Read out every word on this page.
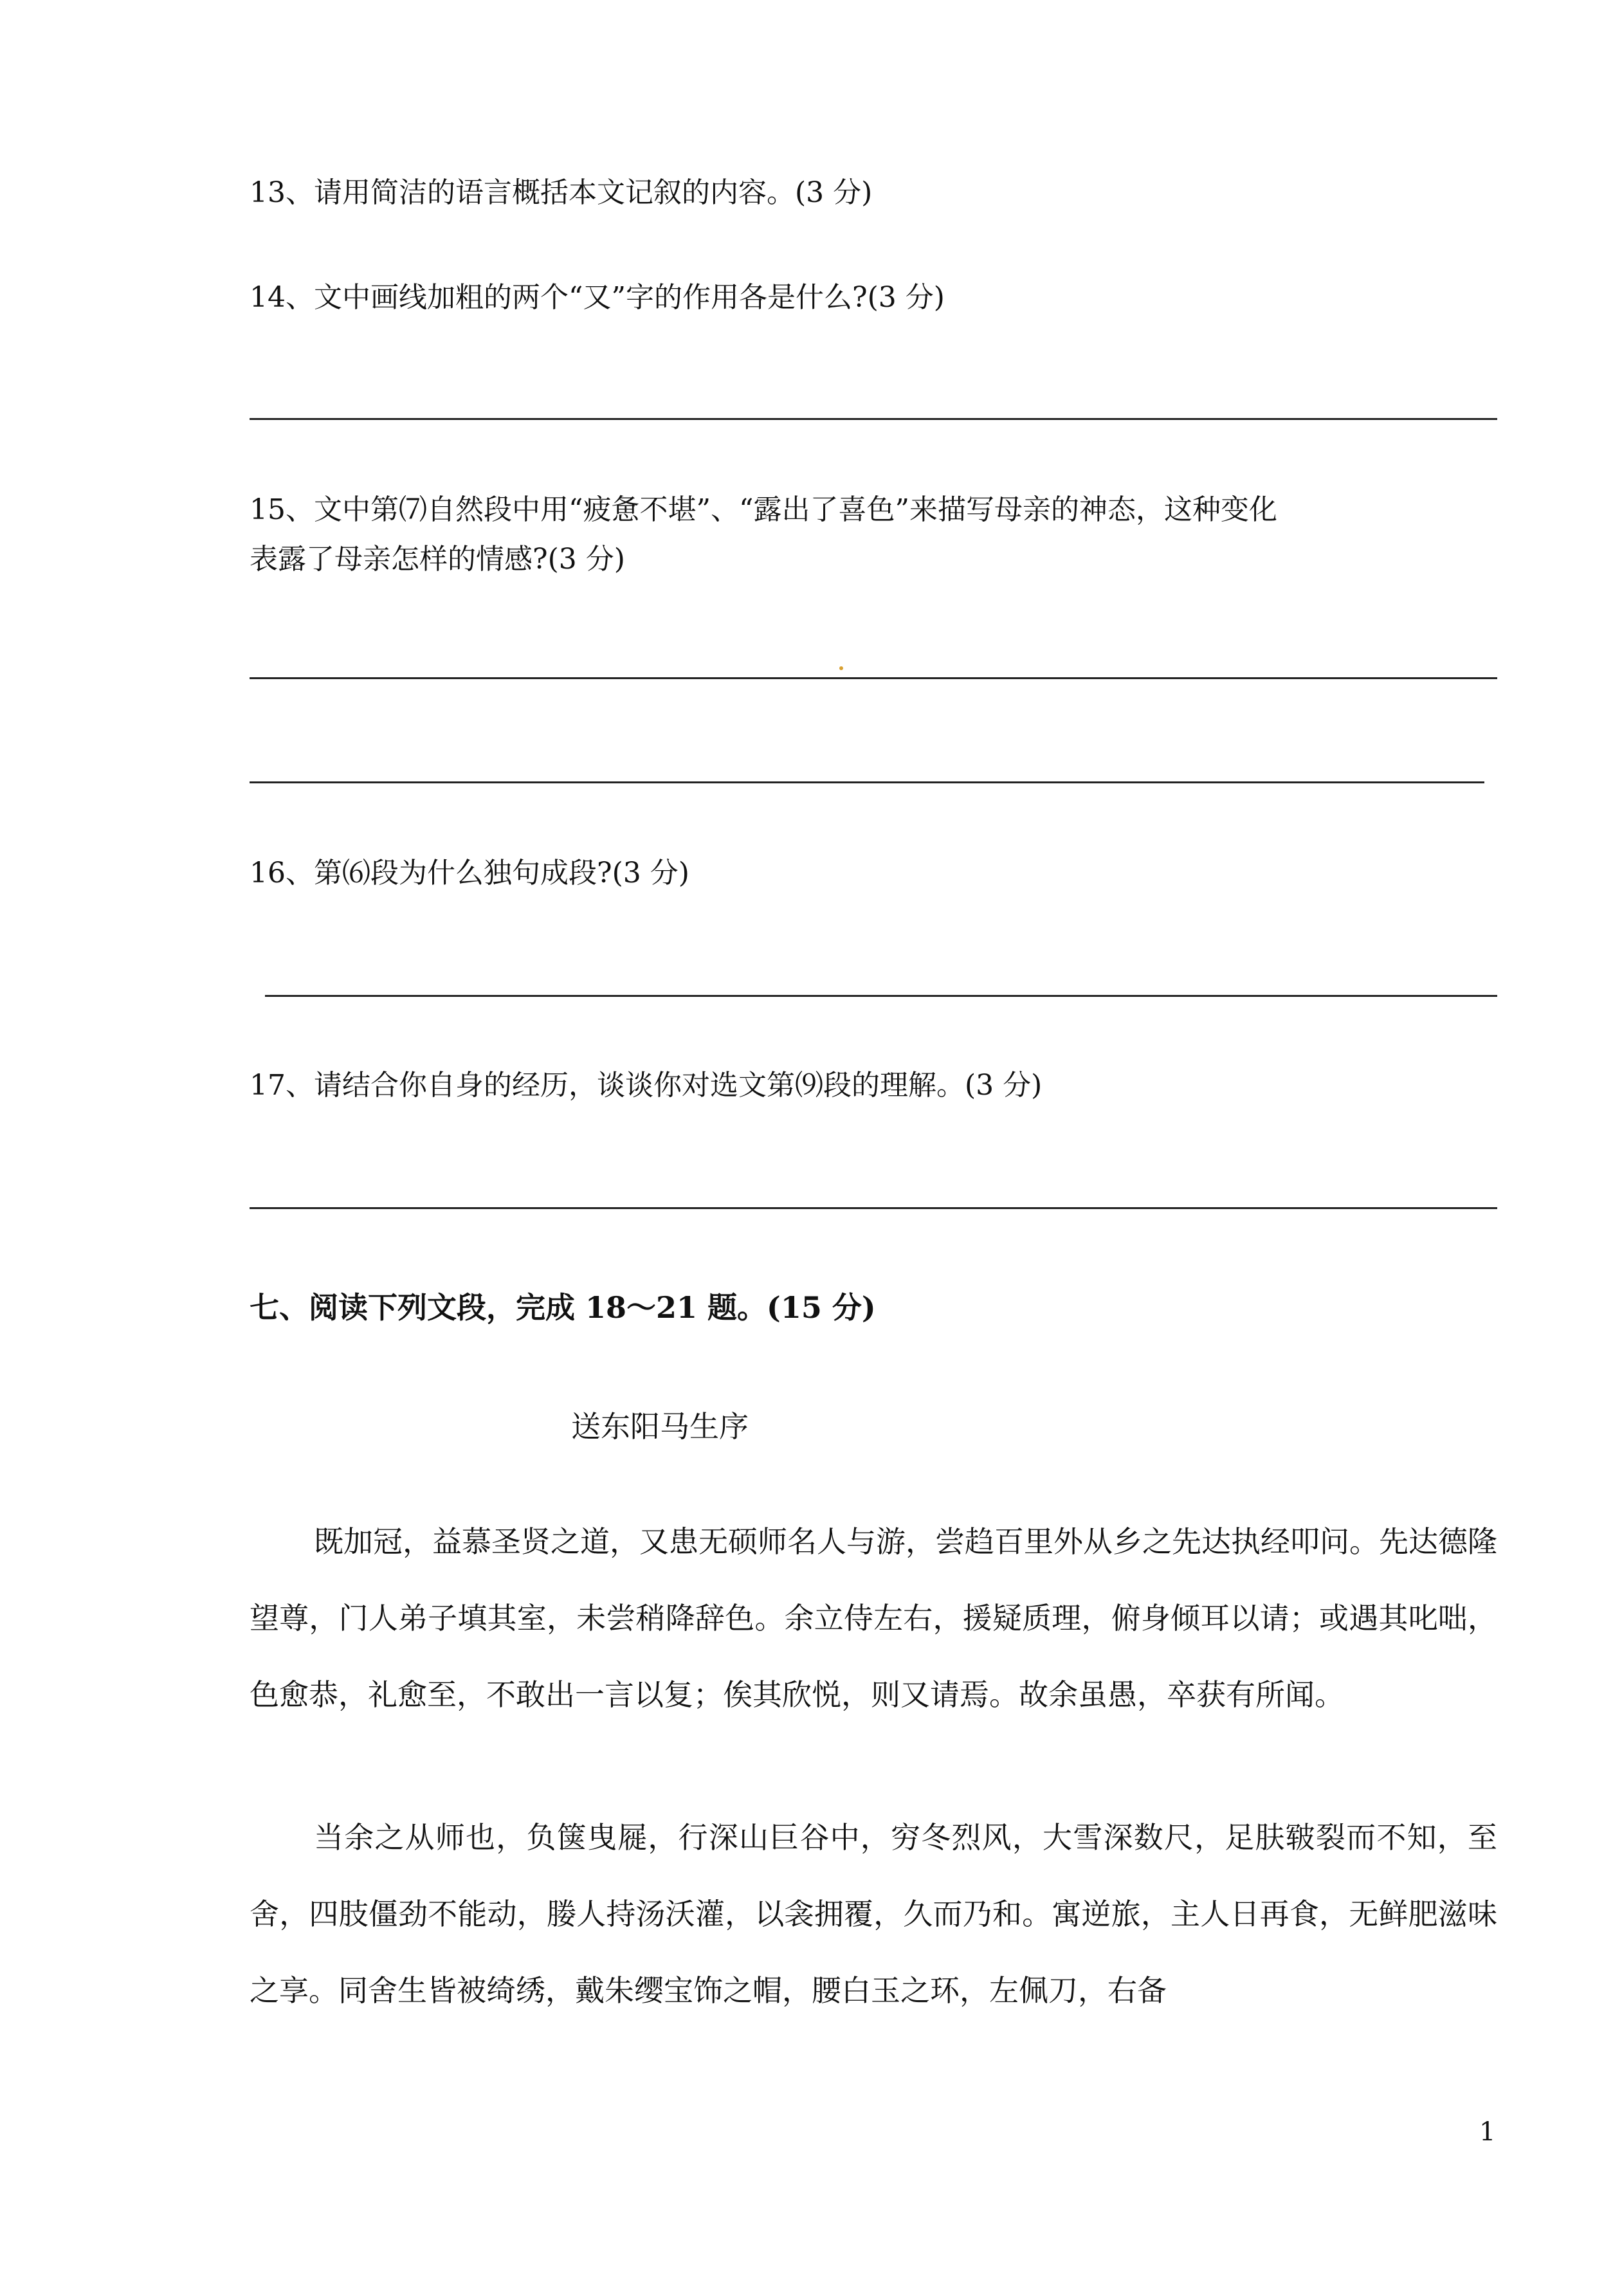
13、请用简洁的语言概括本文记叙的内容。(3 分)
14、文中画线加粗的两个“又”字的作用各是什么?(3 分)
15、文中第⑺自然段中用“疲惫不堪”、“露出了喜色”来描写母亲的神态，这种变化
表露了母亲怎样的情感?(3 分)
16、第⑹段为什么独句成段?(3 分)
17、请结合你自身的经历，谈谈你对选文第⑼段的理解。(3 分)
七、阅读下列文段，完成 18～21 题。(15 分)
送东阳马生序
既加冠，益慕圣贤之道，又患无硕师名人与游，尝趋百里外从乡之先达执经叩问。先达德隆望尊，门人弟子填其室，未尝稍降辞色。余立侍左右，援疑质理，俯身倾耳以请；或遇其叱咄，色愈恭，礼愈至，不敢出一言以复；俟其欣悦，则又请焉。故余虽愚，卒获有所闻。
当余之从师也，负箧曳屣，行深山巨谷中，穷冬烈风，大雪深数尺，足肤皲裂而不知，至舍，四肢僵劲不能动，媵人持汤沃灌，以衾拥覆，久而乃和。寓逆旅，主人日再食，无鲜肥滋味之享。同舍生皆被绮绣，戴朱缨宝饰之帽，腰白玉之环，左佩刀，右备
1
